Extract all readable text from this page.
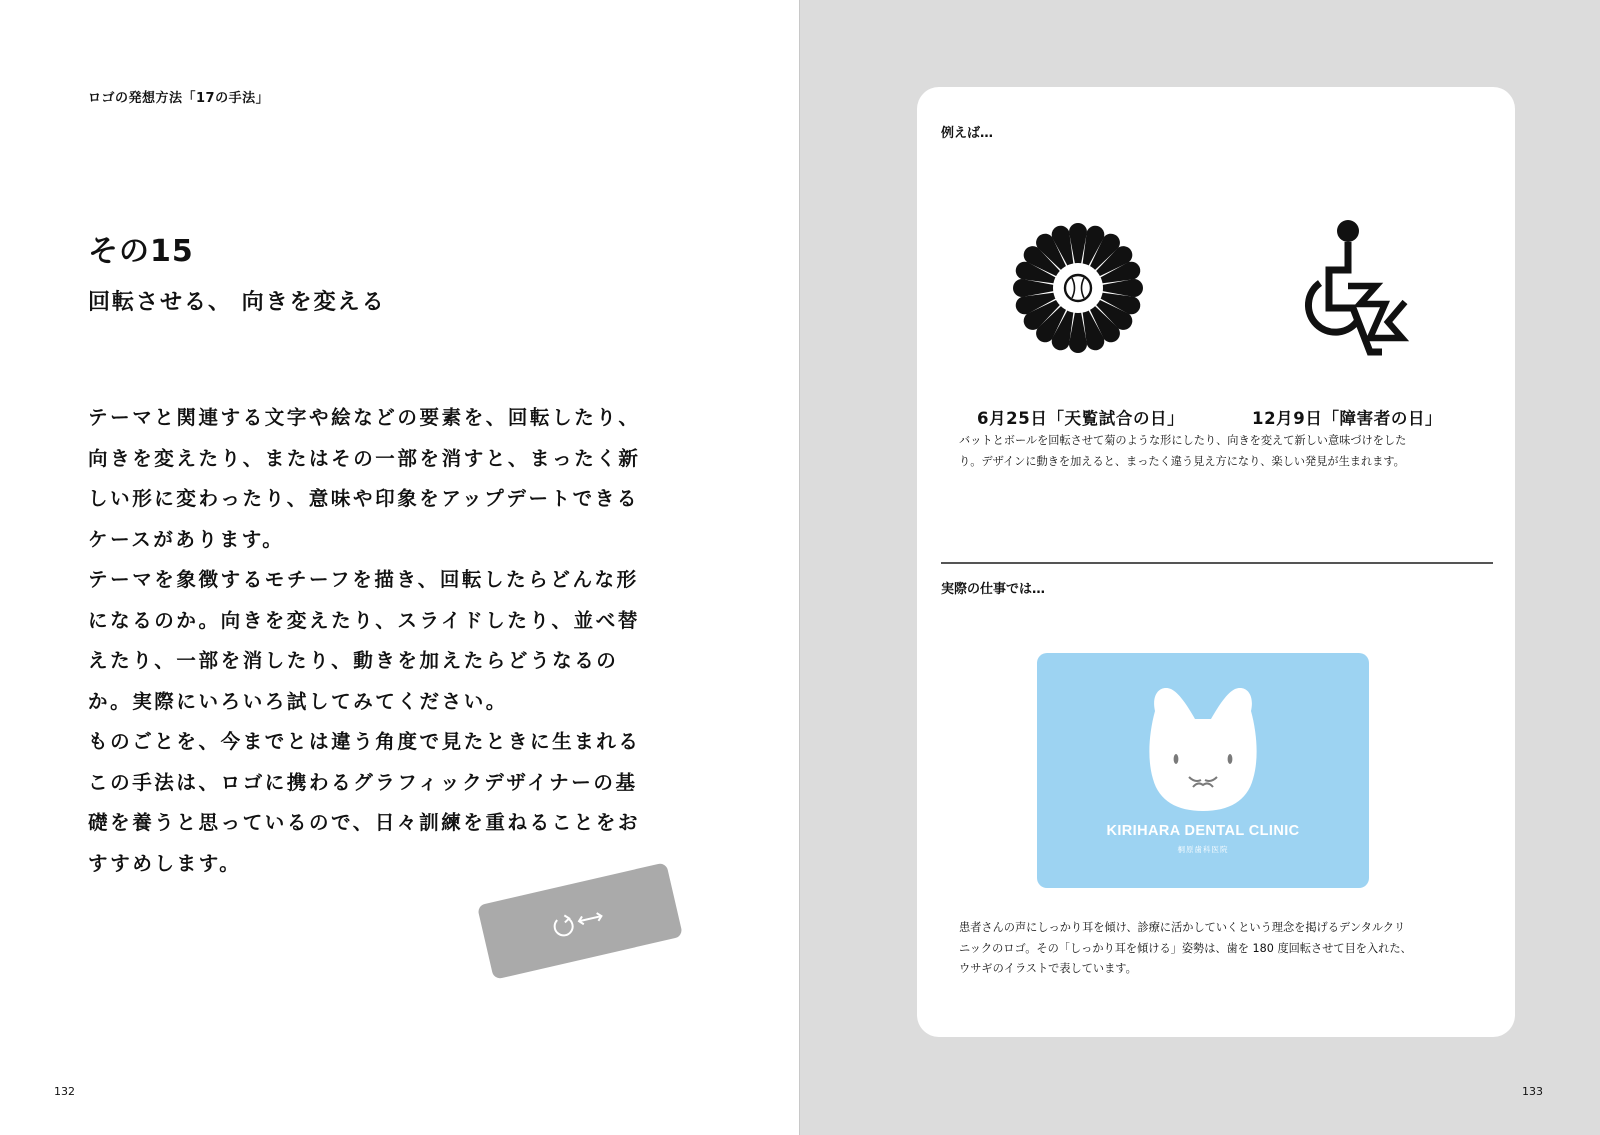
ロゴの発想方法「17の手法」
その15
回転させる、 向きを変える
テーマと関連する文字や絵などの要素を、回転したり、
向きを変えたり、またはその一部を消すと、まったく新
しい形に変わったり、意味や印象をアップデートできる
ケースがあります。
テーマを象徴するモチーフを描き、回転したらどんな形
になるのか。向きを変えたり、スライドしたり、並べ替
えたり、一部を消したり、動きを加えたらどうなるの
か。実際にいろいろ試してみてください。
ものごとを、今までとは違う角度で見たときに生まれる
この手法は、ロゴに携わるグラフィックデザイナーの基
礎を養うと思っているので、日々訓練を重ねることをお
すすめします。
132
例えば…
6月25日「天覧試合の日」	12月9日「障害者の日」
バットとボールを回転させて菊のような形にしたり、向きを変えて新しい意味づけをした
り。デザインに動きを加えると、まったく違う見え方になり、楽しい発見が生まれます。
実際の仕事では…
KIRIHARA DENTAL CLINIC
桐原歯科医院
患者さんの声にしっかり耳を傾け、診療に活かしていくという理念を掲げるデンタルクリ
ニックのロゴ。その「しっかり耳を傾ける」姿勢は、歯を 180 度回転させて目を入れた、
ウサギのイラストで表しています。
133
